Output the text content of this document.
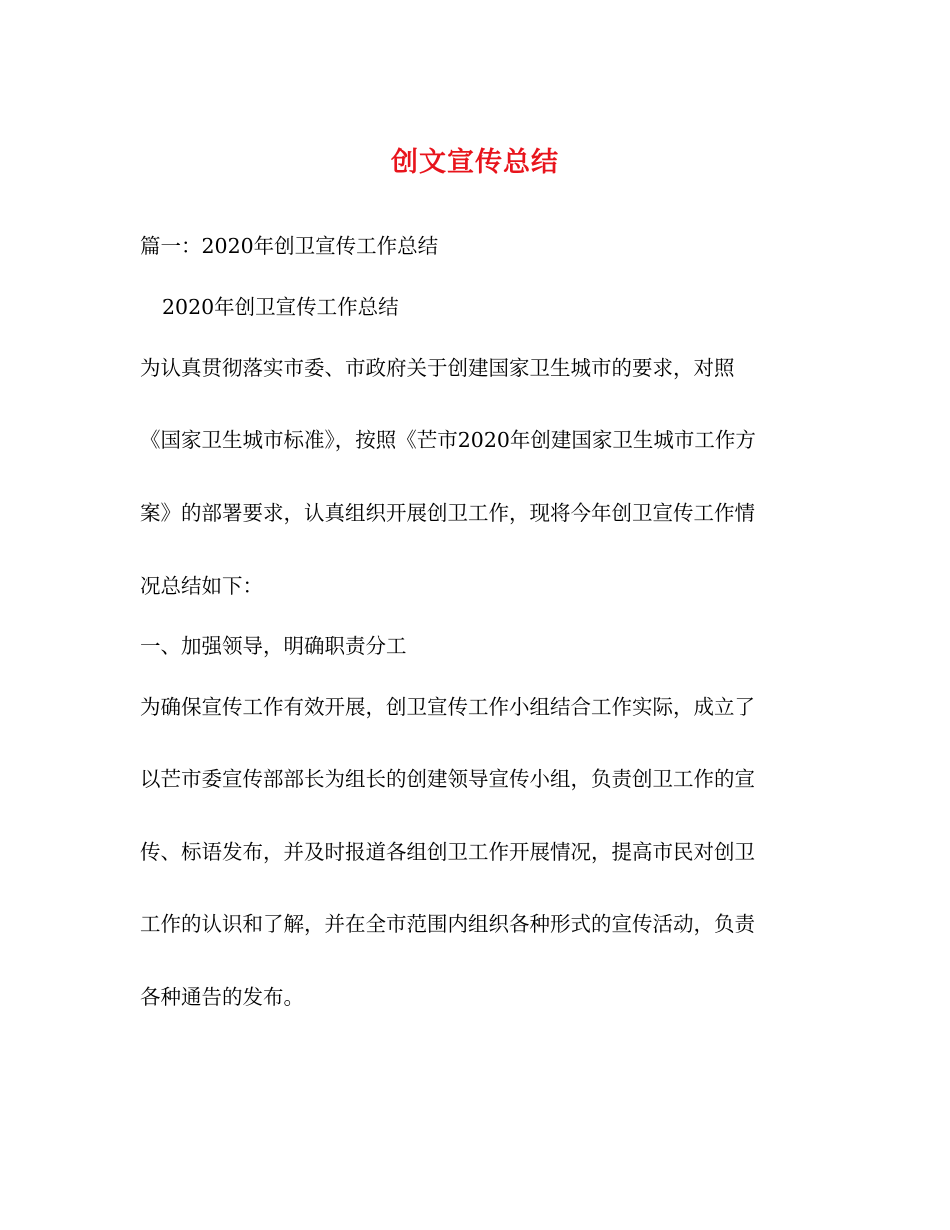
创文宣传总结
篇一：2020年创卫宣传工作总结
2020年创卫宣传工作总结
为认真贯彻落实市委、市政府关于创建国家卫生城市的要求，对照
《国家卫生城市标准》，按照《芒市2020年创建国家卫生城市工作方
案》的部署要求，认真组织开展创卫工作，现将今年创卫宣传工作情
况总结如下：
一、加强领导，明确职责分工
为确保宣传工作有效开展，创卫宣传工作小组结合工作实际，成立了
以芒市委宣传部部长为组长的创建领导宣传小组，负责创卫工作的宣
传、标语发布，并及时报道各组创卫工作开展情况，提高市民对创卫
工作的认识和了解，并在全市范围内组织各种形式的宣传活动，负责
各种通告的发布。
